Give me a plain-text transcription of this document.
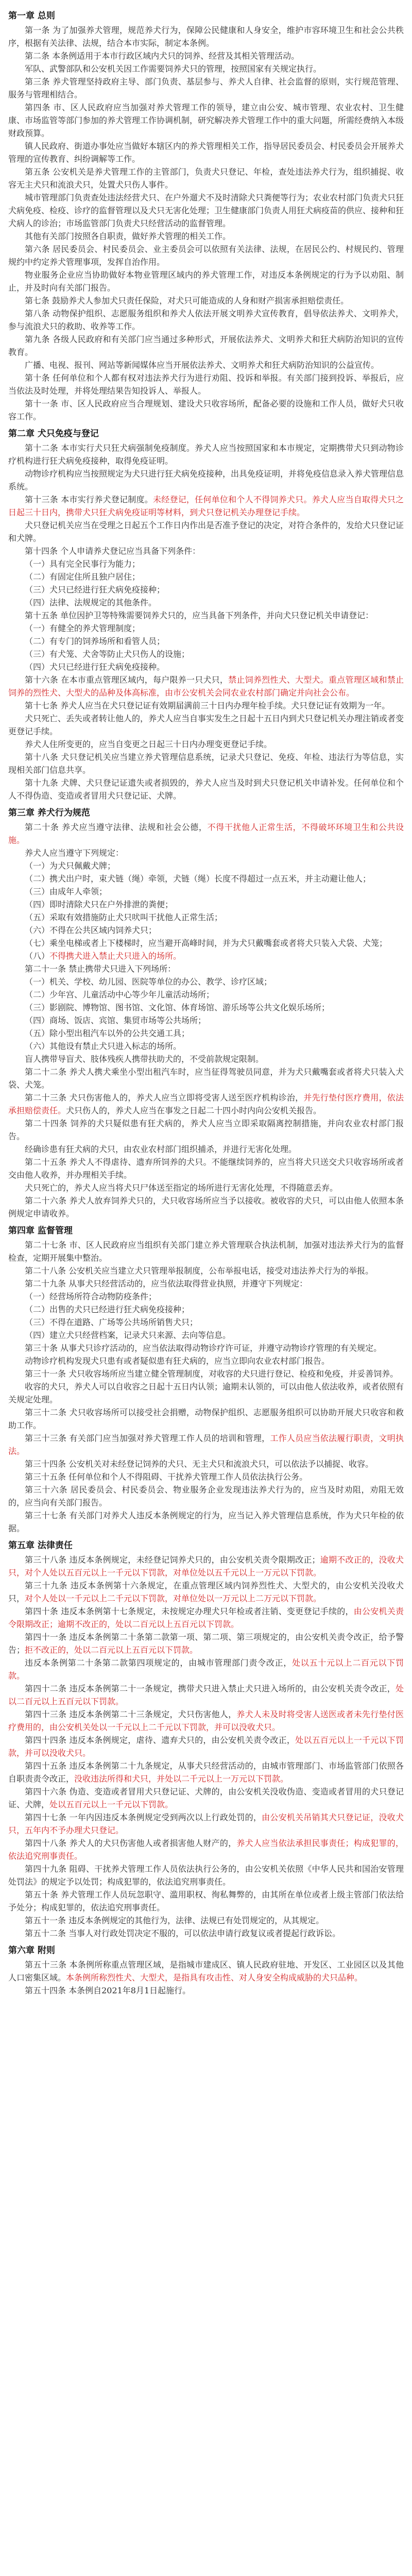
第一章 总则

第一条 为了加强养犬管理，规范养犬行为，保障公民健康和人身安全，维护市容环境卫生和社会公共秩序，根据有关法律、法规，结合本市实际，制定本条例。

第二条 本条例适用于本市行政区域内犬只的饲养、经营及其相关管理活动。

军队、武警部队和公安机关因工作需要饲养犬只的管理，按照国家有关规定执行。

第三条 养犬管理坚持政府主导、部门负责、基层参与、养犬人自律、社会监督的原则，实行规范管理、服务与管理相结合。

第四条 市、区人民政府应当加强对养犬管理工作的领导，建立由公安、城市管理、农业农村、卫生健康、市场监管等部门参加的养犬管理工作协调机制，研究解决养犬管理工作中的重大问题，所需经费纳入本级财政预算。

镇人民政府、街道办事处应当做好本辖区内的养犬管理相关工作，指导居民委员会、村民委员会开展养犬管理的宣传教育、纠纷调解等工作。

第五条 公安机关是养犬管理工作的主管部门，负责犬只登记、年检，查处违法养犬行为，组织捕捉、收容无主犬只和流浪犬只，处置犬只伤人事件。

城市管理部门负责查处违法经营犬只、在户外遛犬不及时清除犬只粪便等行为；农业农村部门负责犬只狂犬病免疫、检疫、诊疗的监督管理以及犬只无害化处理；卫生健康部门负责人用狂犬病疫苗的供应、接种和狂犬病人的诊治；市场监管部门负责犬只经营活动的监督管理。

其他有关部门按照各自职责，做好养犬管理的相关工作。

第六条 居民委员会、村民委员会、业主委员会可以依照有关法律、法规，在居民公约、村规民约、管理规约中约定养犬管理事项，发挥自治作用。

物业服务企业应当协助做好本物业管理区域内的养犬管理工作，对违反本条例规定的行为予以劝阻、制止，并及时向有关部门报告。

第七条 鼓励养犬人参加犬只责任保险，对犬只可能造成的人身和财产损害承担赔偿责任。

第八条 动物保护组织、志愿服务组织和养犬人依法开展文明养犬宣传教育，倡导依法养犬、文明养犬，参与流浪犬只的救助、收养等工作。

第九条 各级人民政府和有关部门应当通过多种形式，开展依法养犬、文明养犬和狂犬病防治知识的宣传教育。

广播、电视、报刊、网站等新闻媒体应当开展依法养犬、文明养犬和狂犬病防治知识的公益宣传。

第十条 任何单位和个人都有权对违法养犬行为进行劝阻、投诉和举报。有关部门接到投诉、举报后，应当依法及时处理，并将处理结果告知投诉人、举报人。

第十一条 市、区人民政府应当合理规划、建设犬只收容场所，配备必要的设施和工作人员，做好犬只收容工作。

第二章 犬只免疫与登记

第十二条 本市实行犬只狂犬病强制免疫制度。养犬人应当按照国家和本市规定，定期携带犬只到动物诊疗机构进行狂犬病免疫接种，取得免疫证明。

动物诊疗机构应当按照规定为犬只进行狂犬病免疫接种，出具免疫证明，并将免疫信息录入养犬管理信息系统。

第十三条 本市实行养犬登记制度。未经登记，任何单位和个人不得饲养犬只。养犬人应当自取得犬只之日起三十日内，携带犬只狂犬病免疫证明等材料，到犬只登记机关办理登记手续。

犬只登记机关应当在受理之日起五个工作日内作出是否准予登记的决定，对符合条件的，发给犬只登记证和犬牌。

第十四条 个人申请养犬登记应当具备下列条件：

（一）具有完全民事行为能力；

（二）有固定住所且独户居住；

（三）犬只已经进行狂犬病免疫接种；

（四）法律、法规规定的其他条件。

第十五条 单位因护卫等特殊需要饲养犬只的，应当具备下列条件，并向犬只登记机关申请登记：

（一）有健全的养犬管理制度；

（二）有专门的饲养场所和看管人员；

（三）有犬笼、犬舍等防止犬只伤人的设施；

（四）犬只已经进行狂犬病免疫接种。

第十六条 在本市重点管理区域内，每户限养一只犬只，禁止饲养烈性犬、大型犬。重点管理区域和禁止饲养的烈性犬、大型犬的品种及体高标准，由市公安机关会同农业农村部门确定并向社会公布。

第十七条 养犬人应当在犬只登记证有效期届满前三十日内办理年检手续。犬只登记证有效期为一年。

犬只死亡、丢失或者转让他人的，养犬人应当自事实发生之日起十五日内到犬只登记机关办理注销或者变更登记手续。

养犬人住所变更的，应当自变更之日起三十日内办理变更登记手续。

第十八条 犬只登记机关应当建立养犬管理信息系统，记录犬只登记、免疫、年检、违法行为等信息，实现相关部门信息共享。

第十九条 犬牌、犬只登记证遗失或者损毁的，养犬人应当及时到犬只登记机关申请补发。任何单位和个人不得伪造、变造或者冒用犬只登记证、犬牌。

第三章 养犬行为规范

第二十条 养犬应当遵守法律、法规和社会公德，不得干扰他人正常生活，不得破坏环境卫生和公共设施。

养犬人应当遵守下列规定：

（一）为犬只佩戴犬牌；

（二）携犬出户时，束犬链（绳）牵领，犬链（绳）长度不得超过一点五米，并主动避让他人；

（三）由成年人牵领；

（四）即时清除犬只在户外排泄的粪便；

（五）采取有效措施防止犬只吠叫干扰他人正常生活；

（六）不得在公共区域内饲养犬只；

（七）乘坐电梯或者上下楼梯时，应当避开高峰时间，并为犬只戴嘴套或者将犬只装入犬袋、犬笼；

（八）不得携犬进入禁止犬只进入的场所。

第二十一条 禁止携带犬只进入下列场所：

（一）机关、学校、幼儿园、医院等单位的办公、教学、诊疗区域；

（二）少年宫、儿童活动中心等少年儿童活动场所；

（三）影剧院、博物馆、图书馆、文化馆、体育场馆、游乐场等公共文化娱乐场所；

（四）商场、饭店、宾馆、集贸市场等公共场所；

（五）除小型出租汽车以外的公共交通工具；

（六）其他设有禁止犬只进入标志的场所。

盲人携带导盲犬、肢体残疾人携带扶助犬的，不受前款规定限制。

第二十二条 养犬人携犬乘坐小型出租汽车时，应当征得驾驶员同意，并为犬只戴嘴套或者将犬只装入犬袋、犬笼。

第二十三条 犬只伤害他人的，养犬人应当立即将受害人送至医疗机构诊治，并先行垫付医疗费用，依法承担赔偿责任。犬只伤人的，养犬人应当在事发之日起二十四小时内向公安机关报告。

第二十四条 饲养的犬只疑似患有狂犬病的，养犬人应当立即采取隔离控制措施，并向农业农村部门报告。

经确诊患有狂犬病的犬只，由农业农村部门组织捕杀，并进行无害化处理。

第二十五条 养犬人不得虐待、遗弃所饲养的犬只。不能继续饲养的，应当将犬只送交犬只收容场所或者交由他人收养，并办理相关手续。

犬只死亡的，养犬人应当将犬只尸体送至指定的场所进行无害化处理，不得随意丢弃。

第二十六条 养犬人放弃饲养犬只的，犬只收容场所应当予以接收。被收容的犬只，可以由他人依照本条例规定申请收养。

第四章 监督管理

第二十七条 市、区人民政府应当组织有关部门建立养犬管理联合执法机制，加强对违法养犬行为的监督检查，定期开展集中整治。

第二十八条 公安机关应当建立犬只管理举报制度，公布举报电话，接受对违法养犬行为的举报。

第二十九条 从事犬只经营活动的，应当依法取得营业执照，并遵守下列规定：

（一）经营场所符合动物防疫条件；

（二）出售的犬只已经进行狂犬病免疫接种；

（三）不得在道路、广场等公共场所销售犬只；

（四）建立犬只经营档案，记录犬只来源、去向等信息。

第三十条 从事犬只诊疗活动的，应当依法取得动物诊疗许可证，并遵守动物诊疗管理的有关规定。

动物诊疗机构发现犬只患有或者疑似患有狂犬病的，应当立即向农业农村部门报告。

第三十一条 犬只收容场所应当建立健全管理制度，对收容的犬只进行登记、检疫和免疫，并妥善饲养。

收容的犬只，养犬人可以自收容之日起十五日内认领；逾期未认领的，可以由他人依法收养，或者依照有关规定处理。

第三十二条 犬只收容场所可以接受社会捐赠，动物保护组织、志愿服务组织可以协助开展犬只收容和救助工作。

第三十三条 有关部门应当加强对养犬管理工作人员的培训和管理，工作人员应当依法履行职责，文明执法。

第三十四条 公安机关对未经登记饲养的犬只、无主犬只和流浪犬只，可以依法予以捕捉、收容。

第三十五条 任何单位和个人不得阻碍、干扰养犬管理工作人员依法执行公务。

第三十六条 居民委员会、村民委员会、物业服务企业发现违法养犬行为的，应当及时劝阻，劝阻无效的，应当向有关部门报告。

第三十七条 有关部门对养犬人违反本条例规定的行为，应当记入养犬管理信息系统，作为犬只年检的依据。

第五章 法律责任

第三十八条 违反本条例规定，未经登记饲养犬只的，由公安机关责令限期改正；逾期不改正的，没收犬只，对个人处以五百元以上一千元以下罚款，对单位处以五千元以上一万元以下罚款。

第三十九条 违反本条例第十六条规定，在重点管理区域内饲养烈性犬、大型犬的，由公安机关没收犬只，对个人处以一千元以上二千元以下罚款，对单位处以一万元以上二万元以下罚款。

第四十条 违反本条例第十七条规定，未按规定办理犬只年检或者注销、变更登记手续的，由公安机关责令限期改正；逾期不改正的，处以二百元以上五百元以下罚款。

第四十一条 违反本条例第二十条第二款第一项、第二项、第三项规定的，由公安机关责令改正，给予警告；拒不改正的，处以二百元以上五百元以下罚款。

违反本条例第二十条第二款第四项规定的，由城市管理部门责令改正，处以五十元以上二百元以下罚款。

第四十二条 违反本条例第二十一条规定，携带犬只进入禁止犬只进入场所的，由公安机关责令改正，处以二百元以上五百元以下罚款。

第四十三条 违反本条例第二十三条规定，犬只伤害他人，养犬人未及时将受害人送医或者未先行垫付医疗费用的，由公安机关处以一千元以上二千元以下罚款，并可以没收犬只。

第四十四条 违反本条例规定，虐待、遗弃犬只的，由公安机关责令改正，处以五百元以上一千元以下罚款，并可以没收犬只。

第四十五条 违反本条例第二十九条规定，从事犬只经营活动的，由城市管理部门、市场监管部门依照各自职责责令改正，没收违法所得和犬只，并处以二千元以上一万元以下罚款。

第四十六条 伪造、变造或者冒用犬只登记证、犬牌的，由公安机关没收伪造、变造或者冒用的犬只登记证、犬牌，处以五百元以上一千元以下罚款。

第四十七条 一年内因违反本条例规定受到两次以上行政处罚的，由公安机关吊销其犬只登记证，没收犬只，五年内不予办理犬只登记。

第四十八条 养犬人的犬只伤害他人或者损害他人财产的，养犬人应当依法承担民事责任；构成犯罪的，依法追究刑事责任。

第四十九条 阻碍、干扰养犬管理工作人员依法执行公务的，由公安机关依照《中华人民共和国治安管理处罚法》的规定予以处罚；构成犯罪的，依法追究刑事责任。

第五十条 养犬管理工作人员玩忽职守、滥用职权、徇私舞弊的，由其所在单位或者上级主管部门依法给予处分；构成犯罪的，依法追究刑事责任。

第五十一条 违反本条例规定的其他行为，法律、法规已有处罚规定的，从其规定。

第五十二条 当事人对行政处罚决定不服的，可以依法申请行政复议或者提起行政诉讼。

第六章 附则

第五十三条 本条例所称重点管理区域，是指城市建成区、镇人民政府驻地、开发区、工业园区以及其他人口密集区域。本条例所称烈性犬、大型犬，是指具有攻击性、对人身安全构成威胁的犬只品种。

第五十四条 本条例自2021年8月1日起施行。
